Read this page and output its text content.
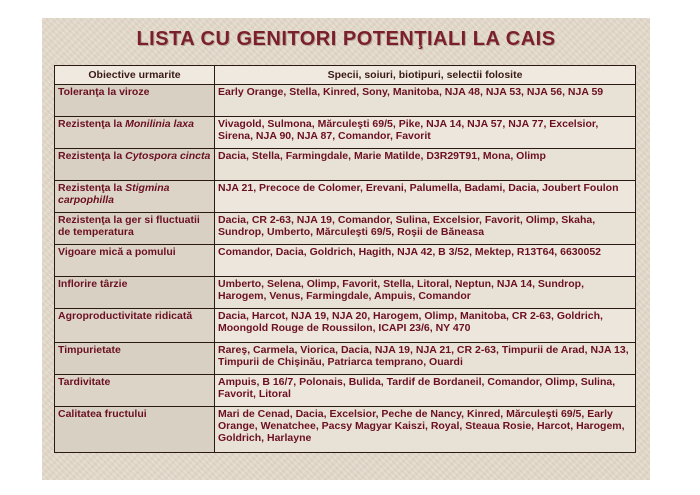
LISTA CU GENITORI POTENŢIALI LA CAIS
Obiective urmarite	Specii, soiuri, biotipuri, selectii folosite
Toleranţa la viroze	Early Orange, Stella, Kinred, Sony, Manitoba, NJA 48, NJA 53, NJA 56, NJA 59
Rezistenţa la Monilinia laxa	Vivagold, Sulmona, Mărculeşti 69/5, Pike, NJA 14, NJA 57, NJA 77, Excelsior, Sirena, NJA 90, NJA 87, Comandor, Favorit
Rezistenţa la Cytospora cincta	Dacia, Stella, Farmingdale, Marie Matilde, D3R29T91, Mona, Olimp
Rezistenţa la Stigmina carpophilla	NJA 21, Precoce de Colomer, Erevani, Palumella, Badami, Dacia, Joubert Foulon
Rezistenţa la ger si fluctuatii de temperatura	Dacia, CR 2-63, NJA 19, Comandor, Sulina, Excelsior, Favorit, Olimp, Skaha, Sundrop, Umberto, Mărculeşti 69/5, Roşii de Băneasa
Vigoare mică a pomului	Comandor, Dacia, Goldrich, Hagith, NJA 42, B 3/52, Mektep, R13T64, 6630052
Inflorire târzie	Umberto, Selena, Olimp, Favorit, Stella, Litoral, Neptun, NJA 14, Sundrop, Harogem, Venus, Farmingdale, Ampuis, Comandor
Agroproductivitate ridicată	Dacia, Harcot, NJA 19, NJA 20, Harogem, Olimp, Manitoba, CR 2-63, Goldrich, Moongold Rouge de Roussilon, ICAPI 23/6, NY 470
Timpurietate	Rareş, Carmela, Viorica, Dacia, NJA 19, NJA 21, CR 2-63, Timpurii de Arad, NJA 13, Timpurii de Chişinău, Patriarca temprano, Ouardi
Tardivitate	Ampuis, B 16/7, Polonais, Bulida, Tardif de Bordaneil, Comandor, Olimp, Sulina, Favorit, Litoral
Calitatea fructului	Mari de Cenad, Dacia, Excelsior, Peche de Nancy, Kinred, Mărculeşti 69/5, Early Orange, Wenatchee, Pacsy Magyar Kaiszi, Royal, Steaua Rosie, Harcot, Harogem, Goldrich, Harlayne
